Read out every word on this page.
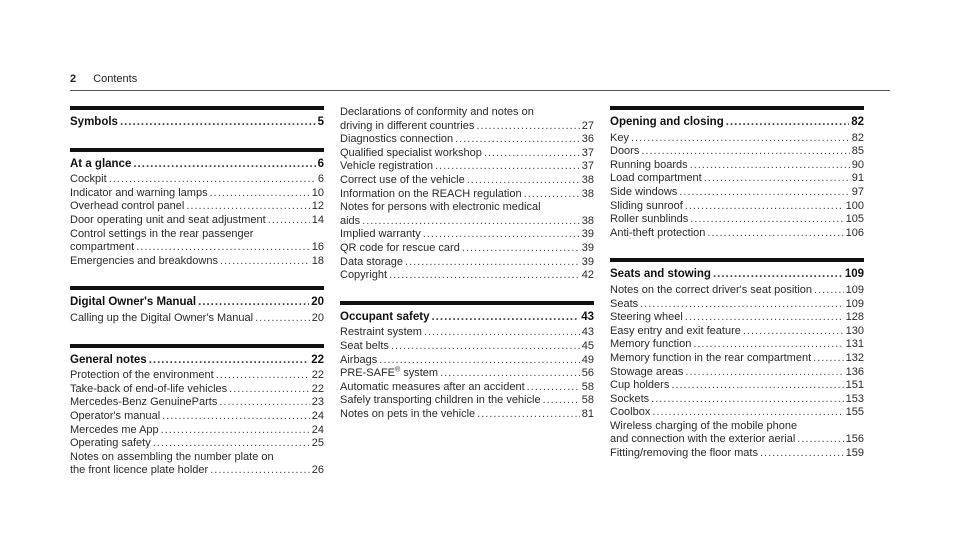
2 Contents
Symbols .....	5
At a glance .....	6
Cockpit .....	6
Indicator and warning lamps .....	10
Overhead control panel .....	12
Door operating unit and seat adjustment .....	14
Control settings in the rear passenger
compartment .....	16
Emergencies and breakdowns .....	18
Digital Owner's Manual .....	20
Calling up the Digital Owner's Manual .....	20
General notes .....	22
Protection of the environment .....	22
Take-back of end-of-life vehicles .....	22
Mercedes-Benz GenuineParts .....	23
Operator's manual .....	24
Mercedes me App .....	24
Operating safety .....	25
Notes on assembling the number plate on
the front licence plate holder .....	26
Declarations of conformity and notes on
driving in different countries .....	27
Diagnostics connection .....	36
Qualified specialist workshop .....	37
Vehicle registration .....	37
Correct use of the vehicle .....	38
Information on the REACH regulation .....	38
Notes for persons with electronic medical
aids .....	38
Implied warranty .....	39
QR code for rescue card .....	39
Data storage .....	39
Copyright .....	42
Occupant safety .....	43
Restraint system .....	43
Seat belts .....	45
Airbags .....	49
PRE-SAFE® system .....	56
Automatic measures after an accident .....	58
Safely transporting children in the vehicle .....	58
Notes on pets in the vehicle .....	81
Opening and closing .....	82
Key .....	82
Doors .....	85
Running boards .....	90
Load compartment .....	91
Side windows .....	97
Sliding sunroof .....	100
Roller sunblinds .....	105
Anti-theft protection .....	106
Seats and stowing .....	109
Notes on the correct driver's seat position .....	109
Seats .....	109
Steering wheel .....	128
Easy entry and exit feature .....	130
Memory function .....	131
Memory function in the rear compartment .....	132
Stowage areas .....	136
Cup holders .....	151
Sockets .....	153
Coolbox .....	155
Wireless charging of the mobile phone
and connection with the exterior aerial .....	156
Fitting/removing the floor mats .....	159
